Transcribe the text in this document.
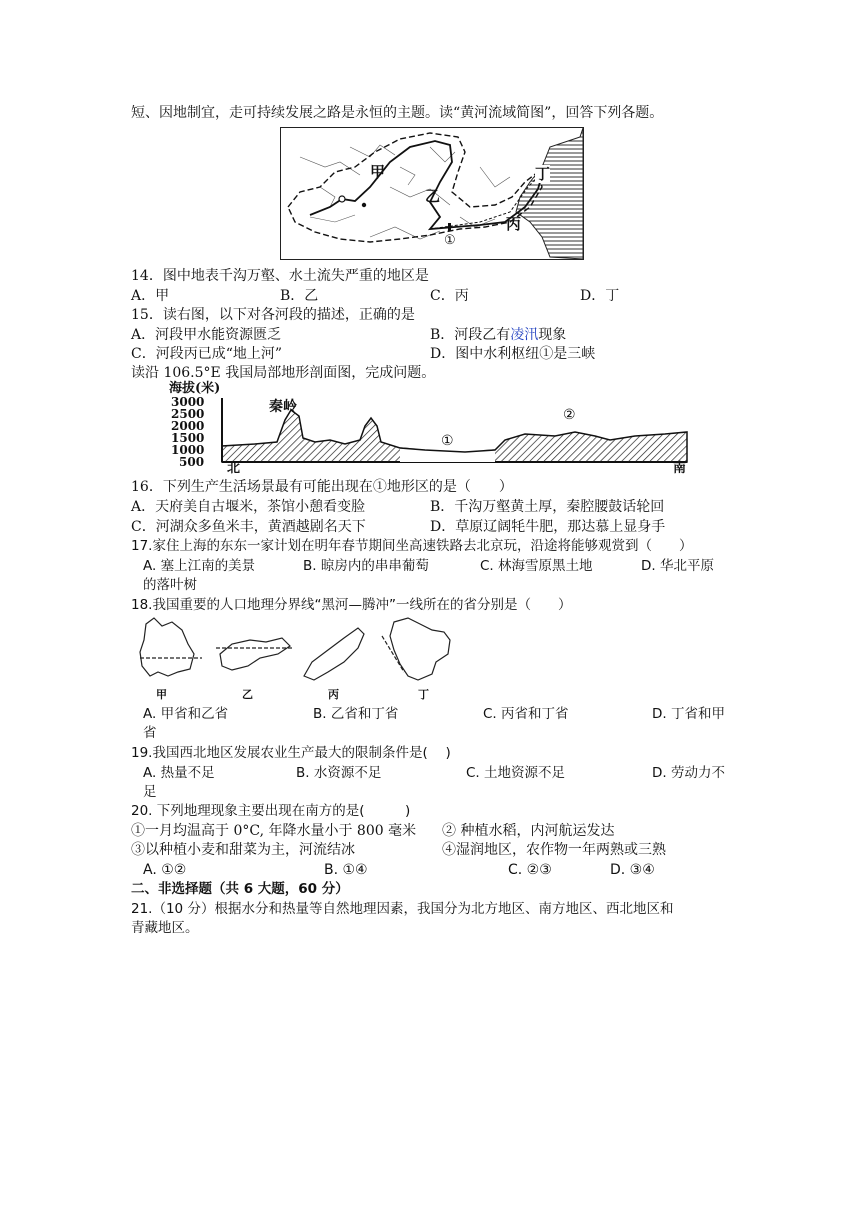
短、因地制宜，走可持续发展之路是永恒的主题。读“黄河流域简图”，回答下列各题。
甲
乙
丙
丁
①
14．图中地表千沟万壑、水土流失严重的地区是
A．甲	B．乙	C．丙	D．丁
15．读右图，以下对各河段的描述，正确的是
A．河段甲水能资源匮乏	B．河段乙有凌汛现象
C．河段丙已成“地上河”	D．图中水利枢纽①是三峡
读沿 106.5°E 我国局部地形剖面图，完成问题。
海拔(米)
3000
2500
2000
1500
1000
500
秦岭
①
②
北	南
16．下列生产生活场景最有可能出现在①地形区的是（　　）
A．天府美自古堰米，茶馆小憩看变脸	B．千沟万壑黄土厚，秦腔腰鼓话轮回
C．河湖众多鱼米丰，黄酒越剧名天下	D．草原辽阔牦牛肥，那达慕上显身手
17.家住上海的东东一家计划在明年春节期间坐高速铁路去北京玩，沿途将能够观赏到（　　）
A. 塞上江南的美景	B. 晾房内的串串葡萄	C. 林海雪原黑土地	D. 华北平原
的落叶树
18.我国重要的人口地理分界线“黑河—腾冲”一线所在的省分别是（　　）
甲	乙	丙	丁
A. 甲省和乙省	B. 乙省和丁省	C. 丙省和丁省	D. 丁省和甲
省
19.我国西北地区发展农业生产最大的限制条件是(　 )
A. 热量不足	B. 水资源不足	C. 土地资源不足	D. 劳动力不
足
20. 下列地理现象主要出现在南方的是(　　　)
①一月均温高于 0°C, 年降水量小于 800 毫米 ② 种植水稻，内河航运发达
③以种植小麦和甜菜为主，河流结冰	④湿润地区，农作物一年两熟或三熟
A. ①②	B. ①④	C. ②③	D. ③④
二、非选择题（共 6 大题，60 分）
21.（10 分）根据水分和热量等自然地理因素，我国分为北方地区、南方地区、西北地区和
青藏地区。
